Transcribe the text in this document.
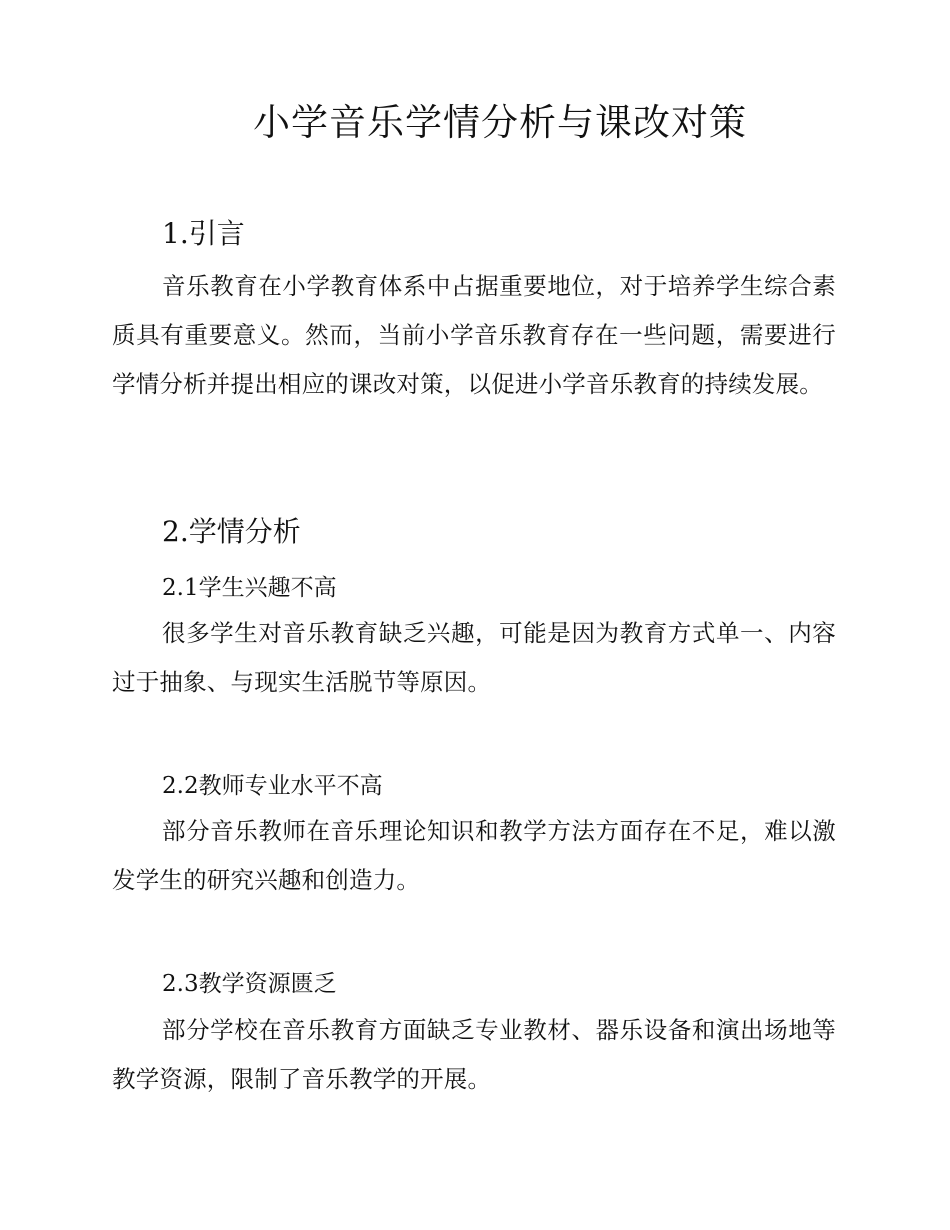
小学音乐学情分析与课改对策
1.引言

音乐教育在小学教育体系中占据重要地位，对于培养学生综合素质具有重要意义。然而，当前小学音乐教育存在一些问题，需要进行学情分析并提出相应的课改对策，以促进小学音乐教育的持续发展。

2.学情分析
2.1学生兴趣不高

很多学生对音乐教育缺乏兴趣，可能是因为教育方式单一、内容过于抽象、与现实生活脱节等原因。

2.2教师专业水平不高

部分音乐教师在音乐理论知识和教学方法方面存在不足，难以激发学生的研究兴趣和创造力。

2.3教学资源匮乏

部分学校在音乐教育方面缺乏专业教材、器乐设备和演出场地等教学资源，限制了音乐教学的开展。
